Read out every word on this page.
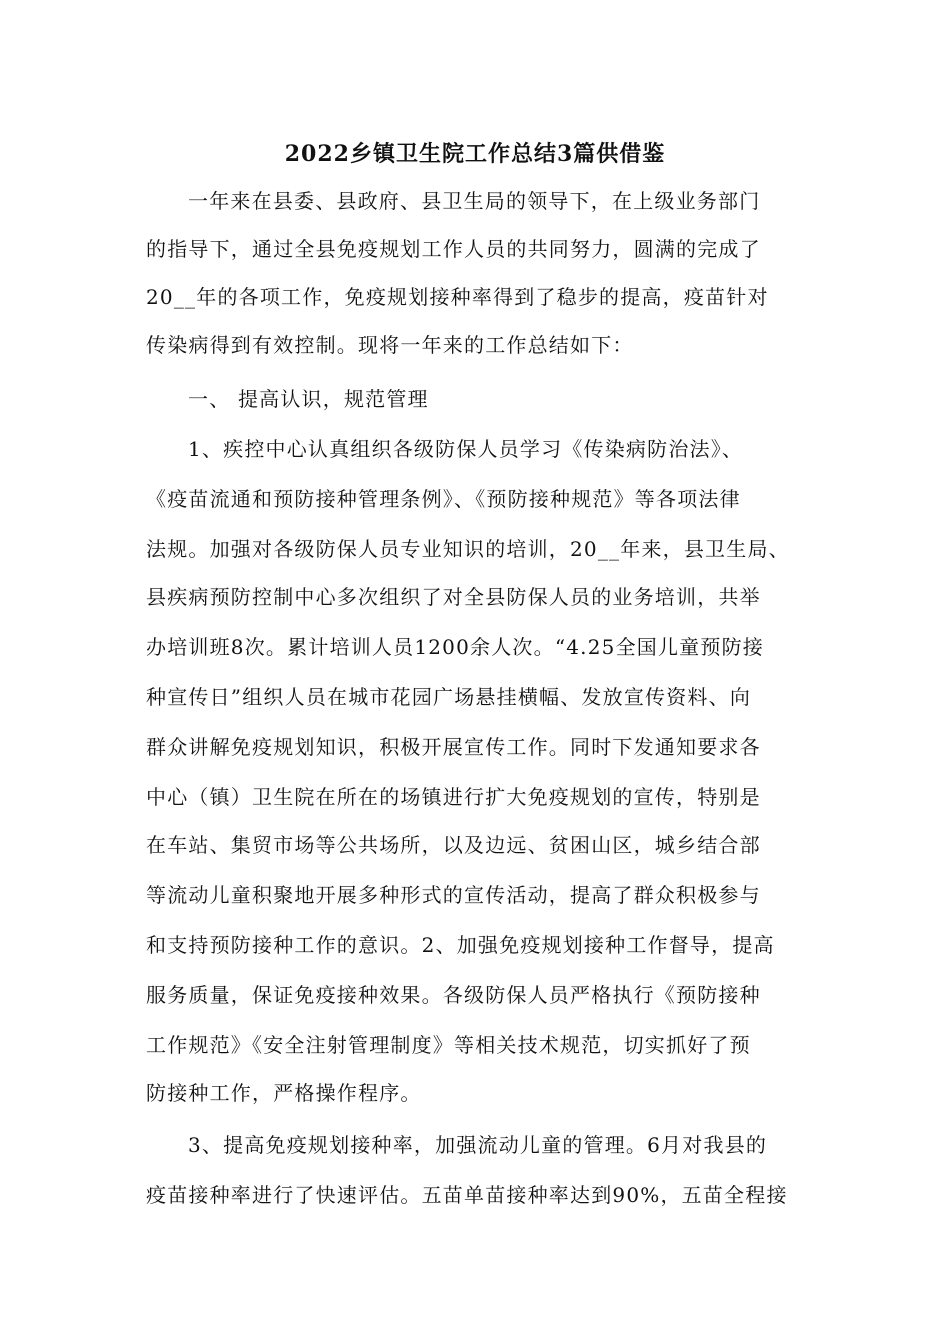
2022乡镇卫生院工作总结3篇供借鉴
一年来在县委、县政府、县卫生局的领导下，在上级业务部门
的指导下，通过全县免疫规划工作人员的共同努力，圆满的完成了
20__年的各项工作，免疫规划接种率得到了稳步的提高，疫苗针对
传染病得到有效控制。现将一年来的工作总结如下：
一、 提高认识，规范管理
1、疾控中心认真组织各级防保人员学习《传染病防治法》、
《疫苗流通和预防接种管理条例》、《预防接种规范》等各项法律
法规。加强对各级防保人员专业知识的培训，20__年来，县卫生局、
县疾病预防控制中心多次组织了对全县防保人员的业务培训，共举
办培训班8次。累计培训人员1200余人次。“4.25全国儿童预防接
种宣传日”组织人员在城市花园广场悬挂横幅、发放宣传资料、向
群众讲解免疫规划知识，积极开展宣传工作。同时下发通知要求各
中心（镇）卫生院在所在的场镇进行扩大免疫规划的宣传，特别是
在车站、集贸市场等公共场所，以及边远、贫困山区，城乡结合部
等流动儿童积聚地开展多种形式的宣传活动，提高了群众积极参与
和支持预防接种工作的意识。2、加强免疫规划接种工作督导，提高
服务质量，保证免疫接种效果。各级防保人员严格执行《预防接种
工作规范》《安全注射管理制度》等相关技术规范，切实抓好了预
防接种工作，严格操作程序。
3、提高免疫规划接种率，加强流动儿童的管理。6月对我县的
疫苗接种率进行了快速评估。五苗单苗接种率达到90%，五苗全程接
